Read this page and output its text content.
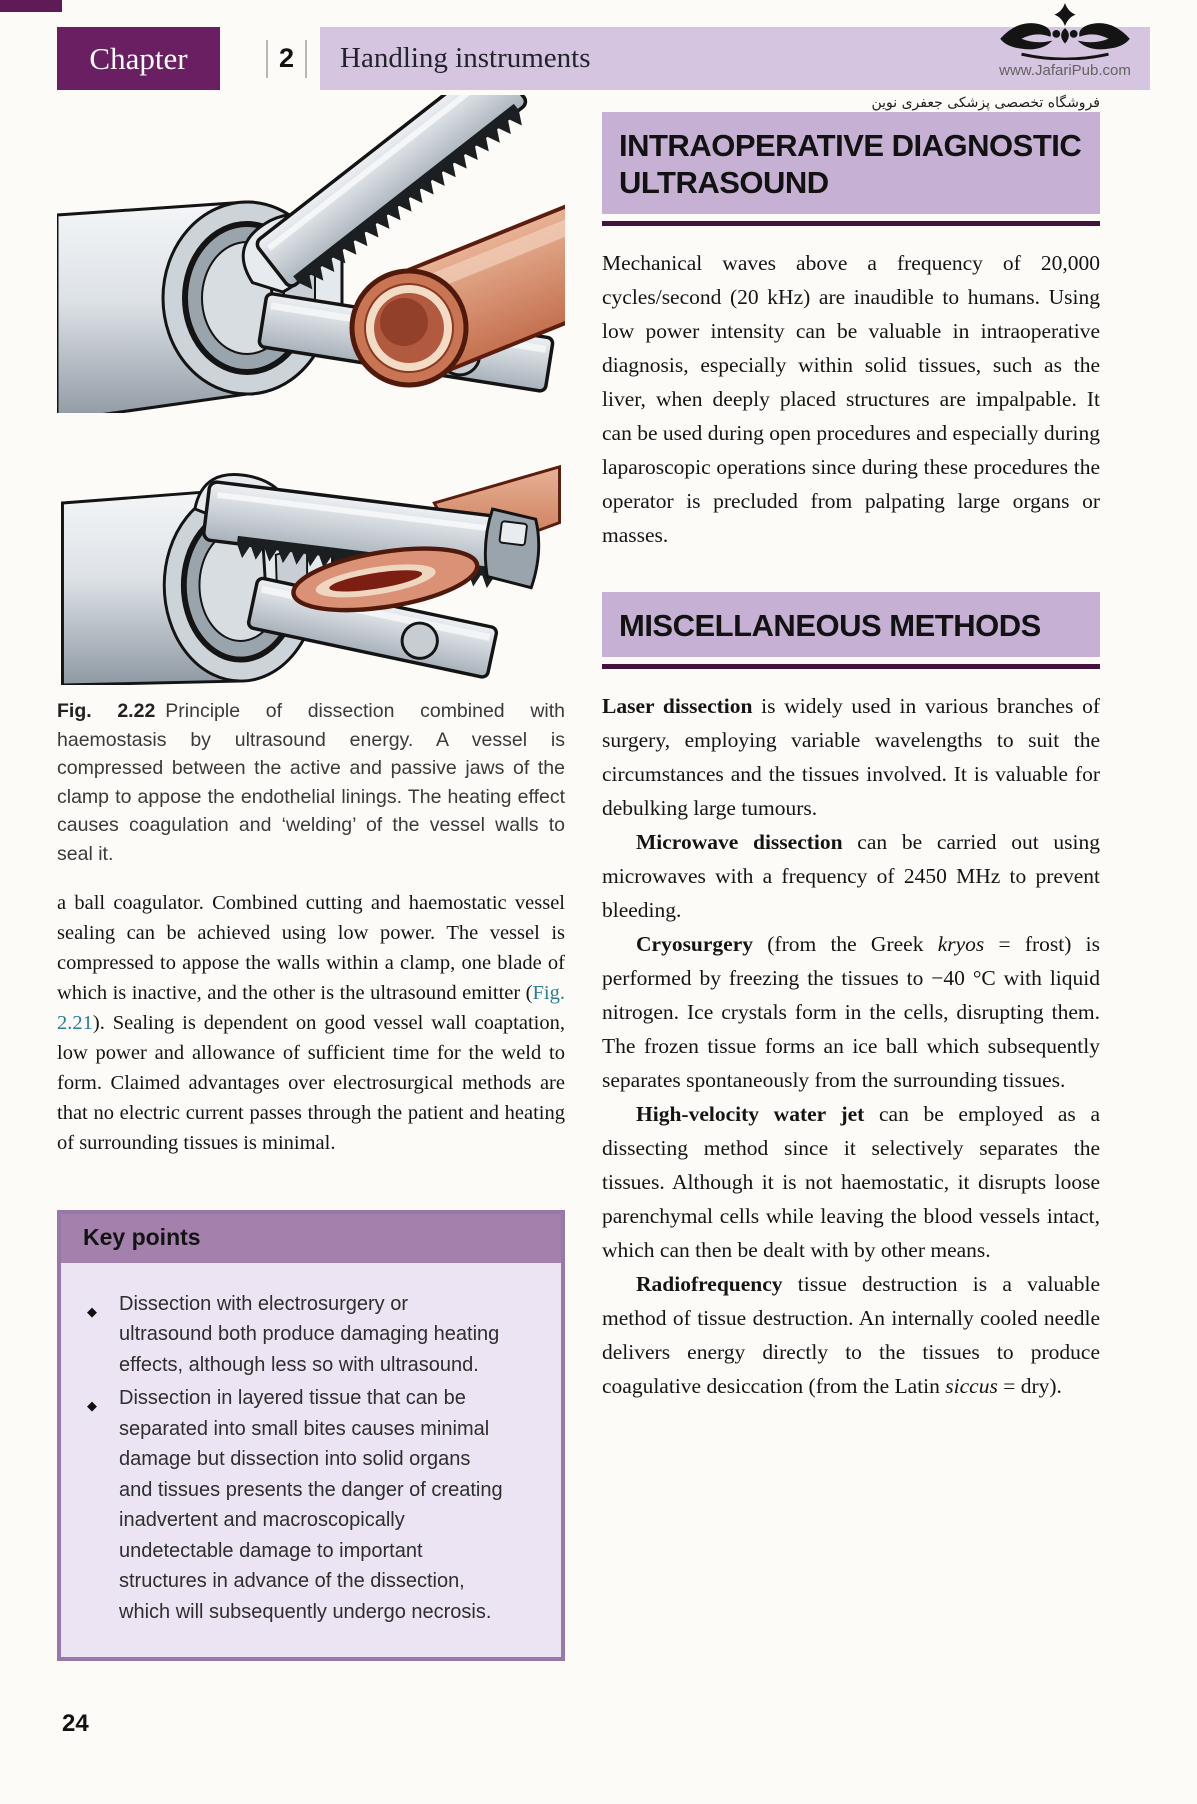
Chapter	2 Handling instruments	www.JafariPub.com
فروشگاه تخصصی پزشکی جعفری نوین

Fig. 2.22 Principle of dissection combined with haemostasis by ultrasound energy. A vessel is compressed between the active and passive jaws of the clamp to appose the endothelial linings. The heating effect causes coagulation and ‘welding’ of the vessel walls to seal it.

a ball coagulator. Combined cutting and haemostatic vessel sealing can be achieved using low power. The vessel is compressed to appose the walls within a clamp, one blade of which is inactive, and the other is the ultrasound emitter (Fig. 2.21). Sealing is dependent on good vessel wall coaptation, low power and allowance of sufficient time for the weld to form. Claimed advantages over electrosurgical methods are that no electric current passes through the patient and heating of surrounding tissues is minimal.

Key points
◆ Dissection with electrosurgery or ultrasound both produce damaging heating effects, although less so with ultrasound.
◆ Dissection in layered tissue that can be separated into small bites causes minimal damage but dissection into solid organs and tissues presents the danger of creating inadvertent and macroscopically undetectable damage to important structures in advance of the dissection, which will subsequently undergo necrosis.
INTRAOPERATIVE DIAGNOSTIC ULTRASOUND

Mechanical waves above a frequency of 20,000 cycles/second (20 kHz) are inaudible to humans. Using low power intensity can be valuable in intraoperative diagnosis, especially within solid tissues, such as the liver, when deeply placed structures are impalpable. It can be used during open procedures and especially during laparoscopic operations since during these procedures the operator is precluded from palpating large organs or masses.

MISCELLANEOUS METHODS

Laser dissection is widely used in various branches of surgery, employing variable wavelengths to suit the circumstances and the tissues involved. It is valuable for debulking large tumours.

Microwave dissection can be carried out using microwaves with a frequency of 2450 MHz to prevent bleeding.

Cryosurgery (from the Greek kryos = frost) is performed by freezing the tissues to −40 °C with liquid nitrogen. Ice crystals form in the cells, disrupting them. The frozen tissue forms an ice ball which subsequently separates spontaneously from the surrounding tissues.

High-velocity water jet can be employed as a dissecting method since it selectively separates the tissues. Although it is not haemostatic, it disrupts loose parenchymal cells while leaving the blood vessels intact, which can then be dealt with by other means.

Radiofrequency tissue destruction is a valuable method of tissue destruction. An internally cooled needle delivers energy directly to the tissues to produce coagulative desiccation (from the Latin siccus = dry).

24
